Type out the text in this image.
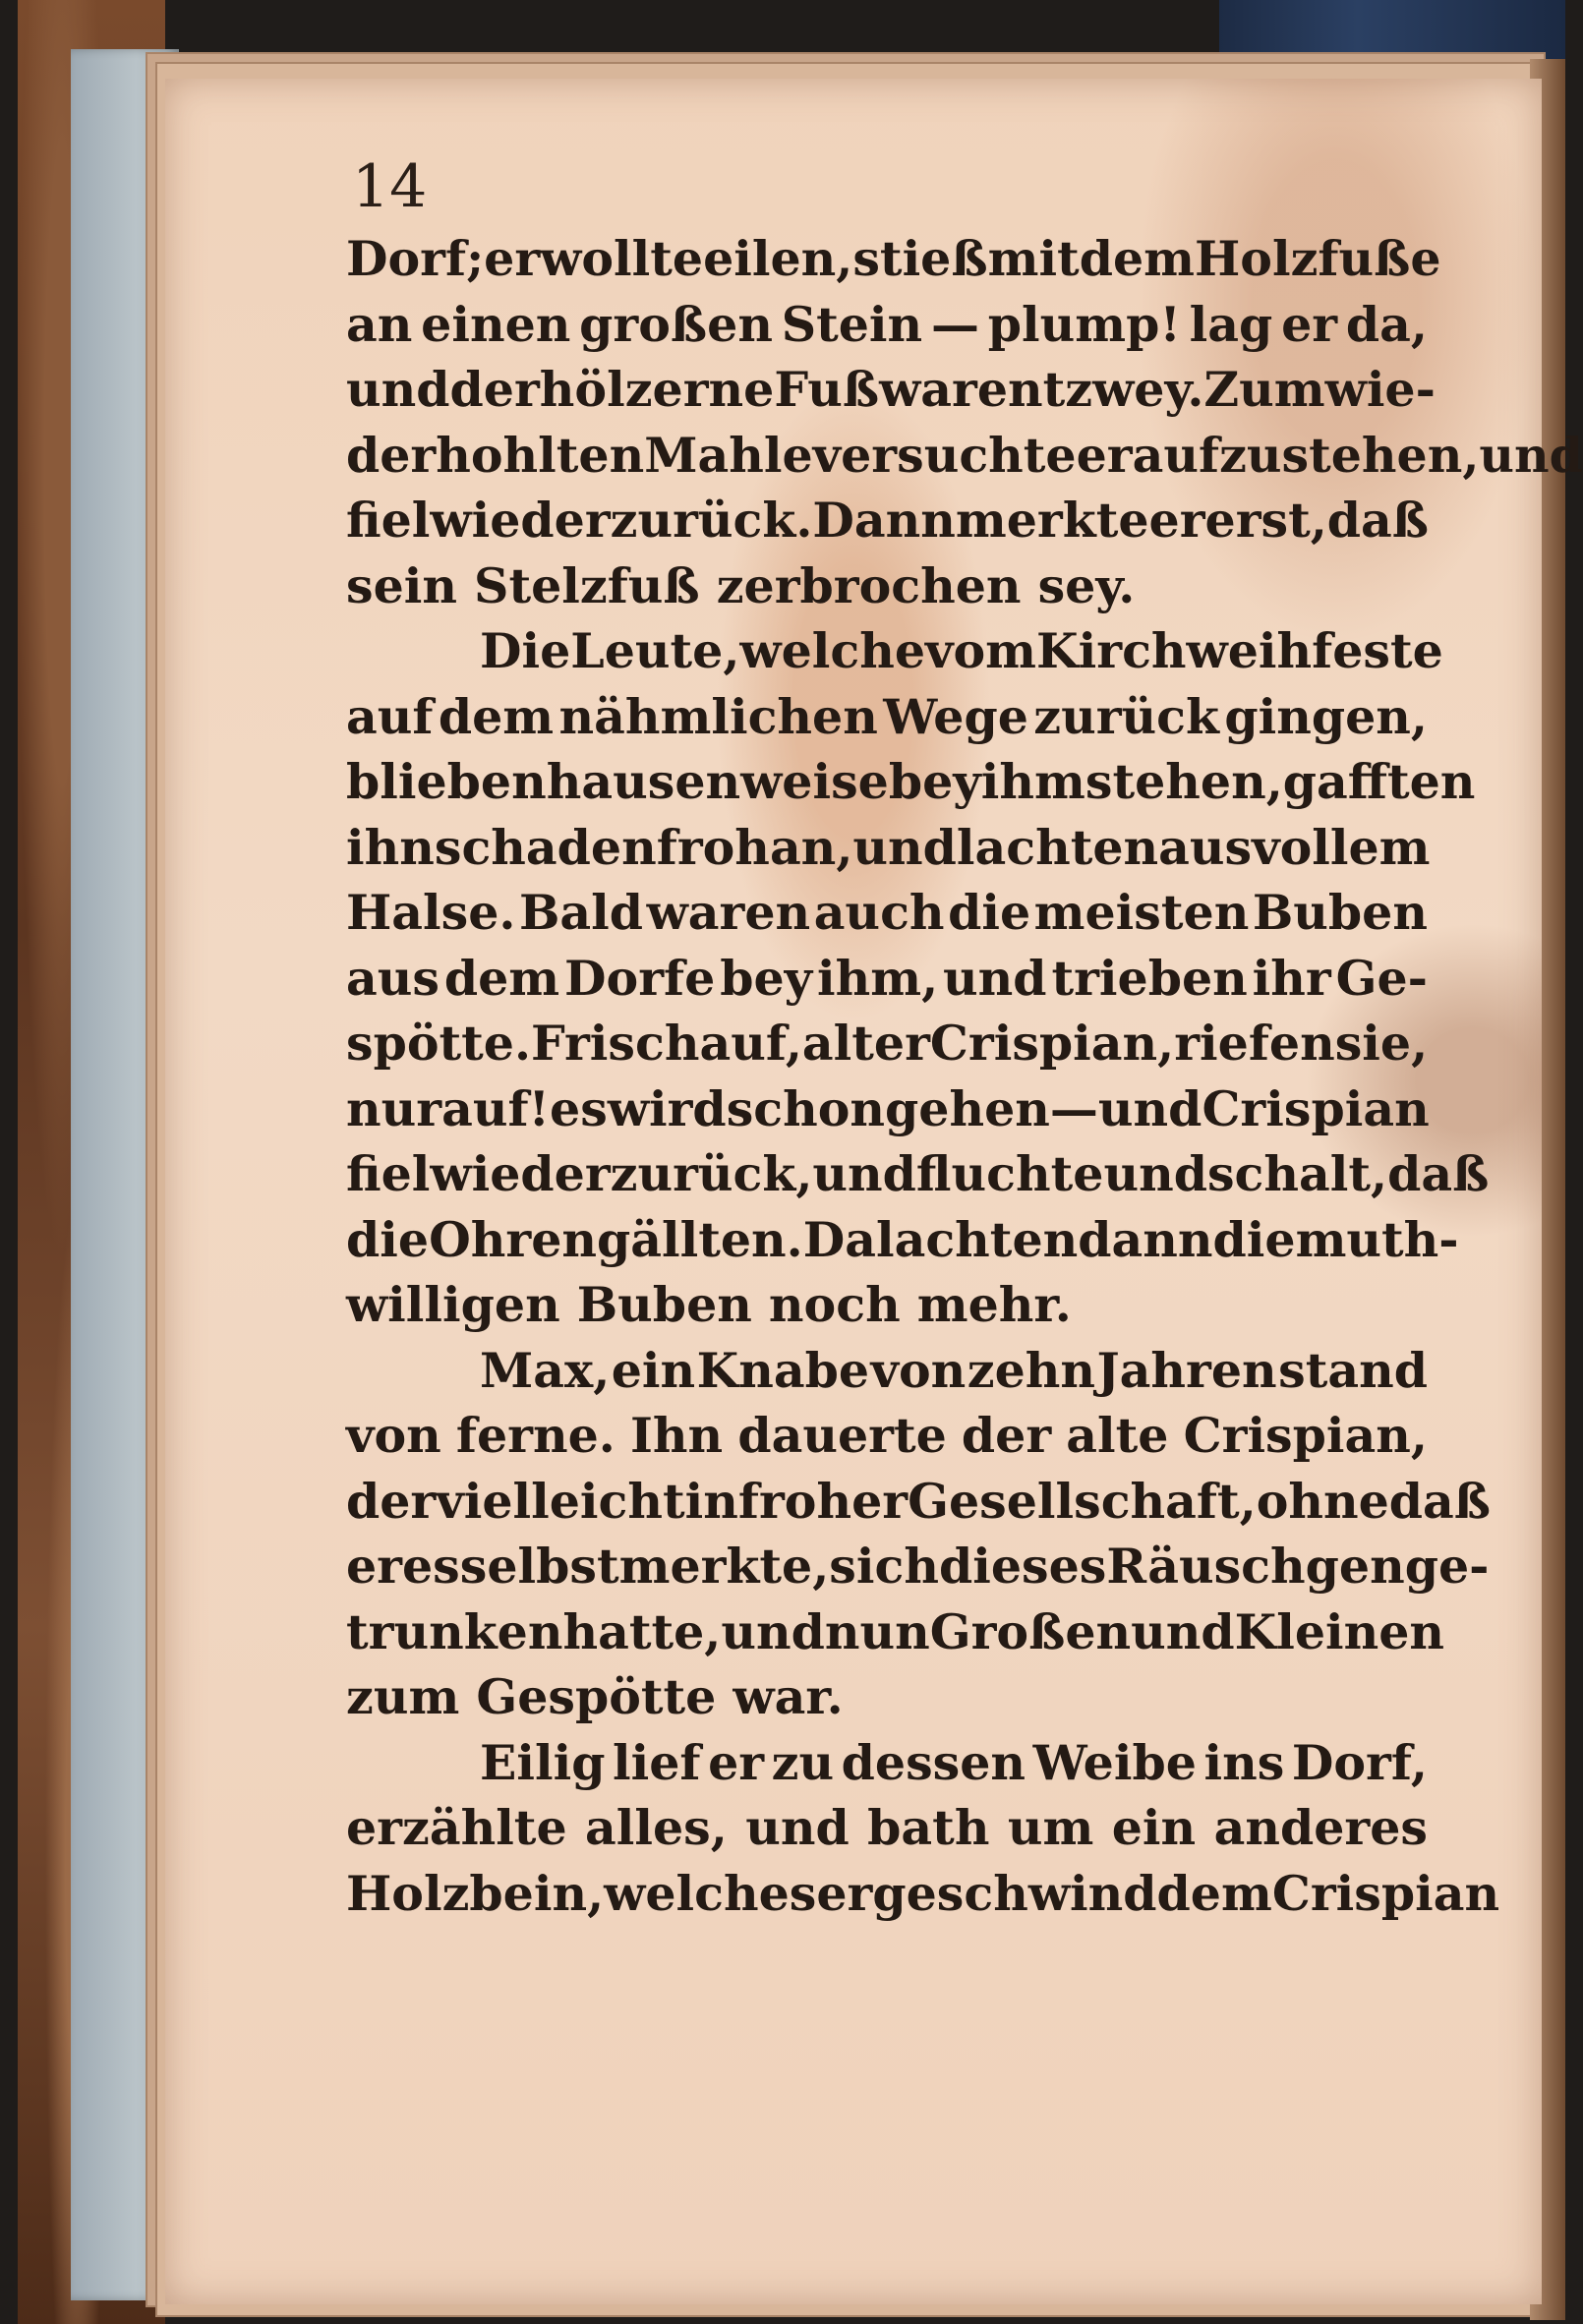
14
Dorf; er wollte eilen, stieß mit dem Holzfuße
an einen großen Stein — plump! lag er da,
und der hölzerne Fuß war entzwey. Zum wie-
derhohlten Mahle versuchte er aufzustehen, und
fiel wieder zurück. Dann merkte er erst, daß
sein Stelzfuß zerbrochen sey.
Die Leute, welche vom Kirchweihfeste
auf dem nähmlichen Wege zurück gingen,
blieben hausenweise bey ihm stehen, gafften
ihn schadenfroh an, und lachten aus vollem
Halse. Bald waren auch die meisten Buben
aus dem Dorfe bey ihm, und trieben ihr Ge-
spötte. Frisch auf, alter Crispian, riefen sie,
nur auf! es wird schon gehen — und Crispian
fiel wieder zurück, und fluchte und schalt, daß
die Ohren gällten. Da lachten dann die muth-
willigen Buben noch mehr.
Max, ein Knabe von zehn Jahren stand
von ferne. Ihn dauerte der alte Crispian,
der vielleicht in froher Gesellschaft, ohne daß
er es selbst merkte, sich dieses Räuschgen ge-
trunken hatte, und nun Großen und Kleinen
zum Gespötte war.
Eilig lief er zu dessen Weibe ins Dorf,
erzählte alles, und bath um ein anderes
Holzbein, welches er geschwind dem Crispian
